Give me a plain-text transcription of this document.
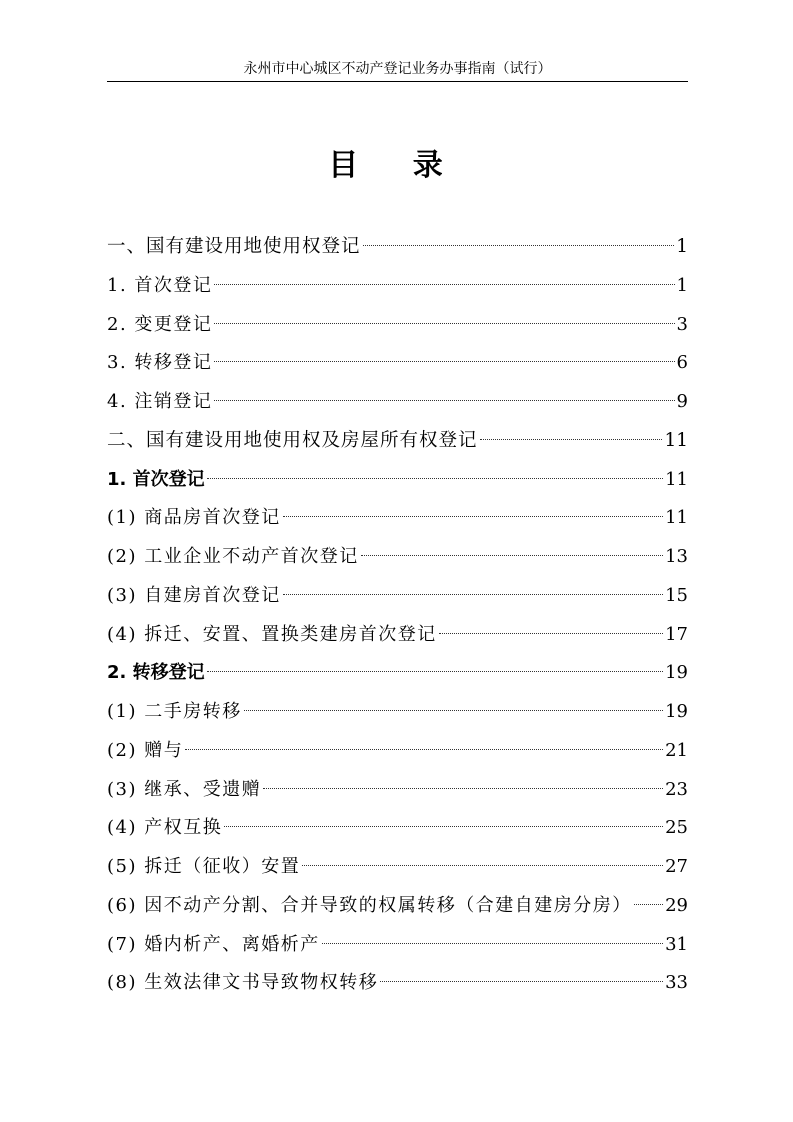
永州市中心城区不动产登记业务办事指南（试行）
目 录
一、国有建设用地使用权登记	1
1. 首次登记	1
2. 变更登记	3
3. 转移登记	6
4. 注销登记	9
二、国有建设用地使用权及房屋所有权登记	11
1. 首次登记	11
(1) 商品房首次登记	11
(2) 工业企业不动产首次登记	13
(3) 自建房首次登记	15
(4) 拆迁、安置、置换类建房首次登记	17
2. 转移登记	19
(1) 二手房转移	19
(2) 赠与	21
(3) 继承、受遗赠	23
(4) 产权互换	25
(5) 拆迁（征收）安置	27
(6) 因不动产分割、合并导致的权属转移（合建自建房分房） 29
(7) 婚内析产、离婚析产	31
(8) 生效法律文书导致物权转移	33
